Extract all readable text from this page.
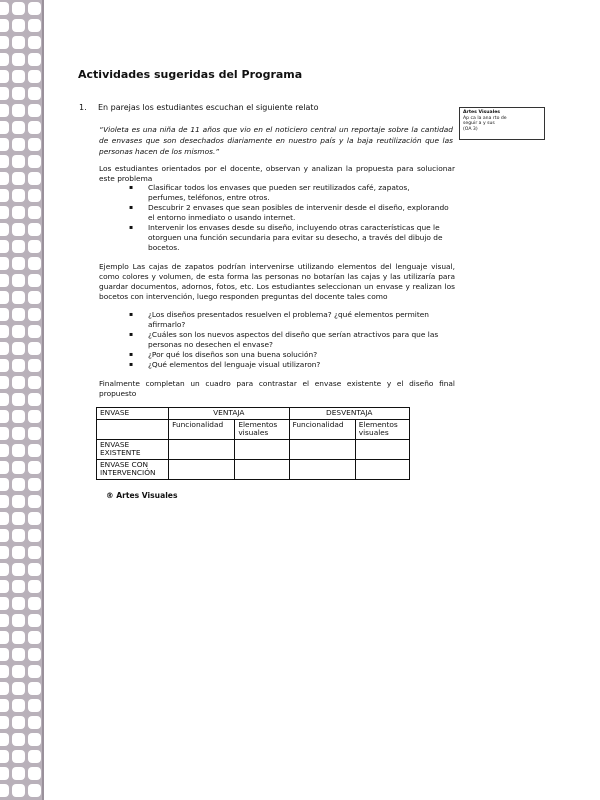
Actividades sugeridas del Programa
1. En parejas los estudiantes escuchan el siguiente relato
Artes Visuales
Ap ca la ana rto de
seguir a y sus
(OA 3)
“Violeta es una niña de 11 años que vio en el noticiero central un reportaje sobre la cantidad de envases que son desechados diariamente en nuestro país y la baja reutilización que las personas hacen de los mismos.”
Los estudiantes orientados por el docente, observan y analizan la propuesta para solucionar este problema
▪ Clasificar todos los envases que pueden ser reutilizados café, zapatos, perfumes, teléfonos, entre otros.
▪ Descubrir 2 envases que sean posibles de intervenir desde el diseño, explorando el entorno inmediato o usando internet.
▪ Intervenir los envases desde su diseño, incluyendo otras características que le otorguen una función secundaria para evitar su desecho, a través del dibujo de bocetos.
Ejemplo Las cajas de zapatos podrían intervenirse utilizando elementos del lenguaje visual, como colores y volumen, de esta forma las personas no botarían las cajas y las utilizaría para guardar documentos, adornos, fotos, etc. Los estudiantes seleccionan un envase y realizan los bocetos con intervención, luego responden preguntas del docente tales como
▪ ¿Los diseños presentados resuelven el problema? ¿qué elementos permiten afirmarlo?
▪ ¿Cuáles son los nuevos aspectos del diseño que serían atractivos para que las personas no desechen el envase?
▪ ¿Por qué los diseños son una buena solución?
▪ ¿Qué elementos del lenguaje visual utilizaron?
Finalmente completan un cuadro para contrastar el envase existente y el diseño final propuesto
ENVASE	VENTAJA		DESVENTAJA	
	Funcionalidad	Elementos visuales	Funcionalidad	Elementos visuales
ENVASE EXISTENTE				
ENVASE CON INTERVENCIÓN				
® Artes Visuales
